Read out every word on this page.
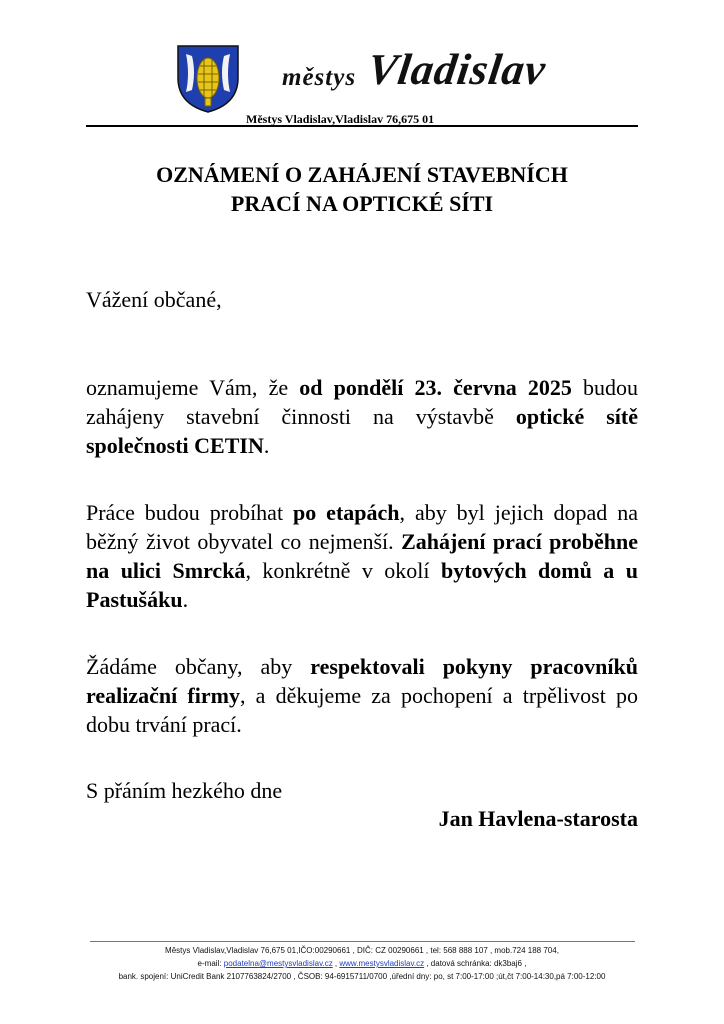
městys Vladislav
Městys Vladislav,Vladislav 76,675 01
OZNÁMENÍ O ZAHÁJENÍ STAVEBNÍCH
PRACÍ NA OPTICKÉ SÍTI
Vážení občané,
oznamujeme Vám, že od pondělí 23. června 2025 budou zahájeny stavební činnosti na výstavbě optické sítě společnosti CETIN.
Práce budou probíhat po etapách, aby byl jejich dopad na běžný život obyvatel co nejmenší. Zahájení prací proběhne na ulici Smrcká, konkrétně v okolí bytových domů a u Pastušáku.
Žádáme občany, aby respektovali pokyny pracovníků realizační firmy, a děkujeme za pochopení a trpělivost po dobu trvání prací.
S přáním hezkého dne
Jan Havlena-starosta
Městys Vladislav,Vladislav 76,675 01,IČO:00290661 , DIČ: CZ 00290661 , tel: 568 888 107 , mob.724 188 704,
e-mail: podatelna@mestysvladislav.cz , www.mestysvladislav.cz , datová schránka: dk3baj6 ,
bank. spojení: UniCredit Bank 2107763824/2700 , ČSOB: 94-6915711/0700 ,úřední dny: po, st 7:00-17:00 ;út,čt 7:00-14:30,pá 7:00-12:00
